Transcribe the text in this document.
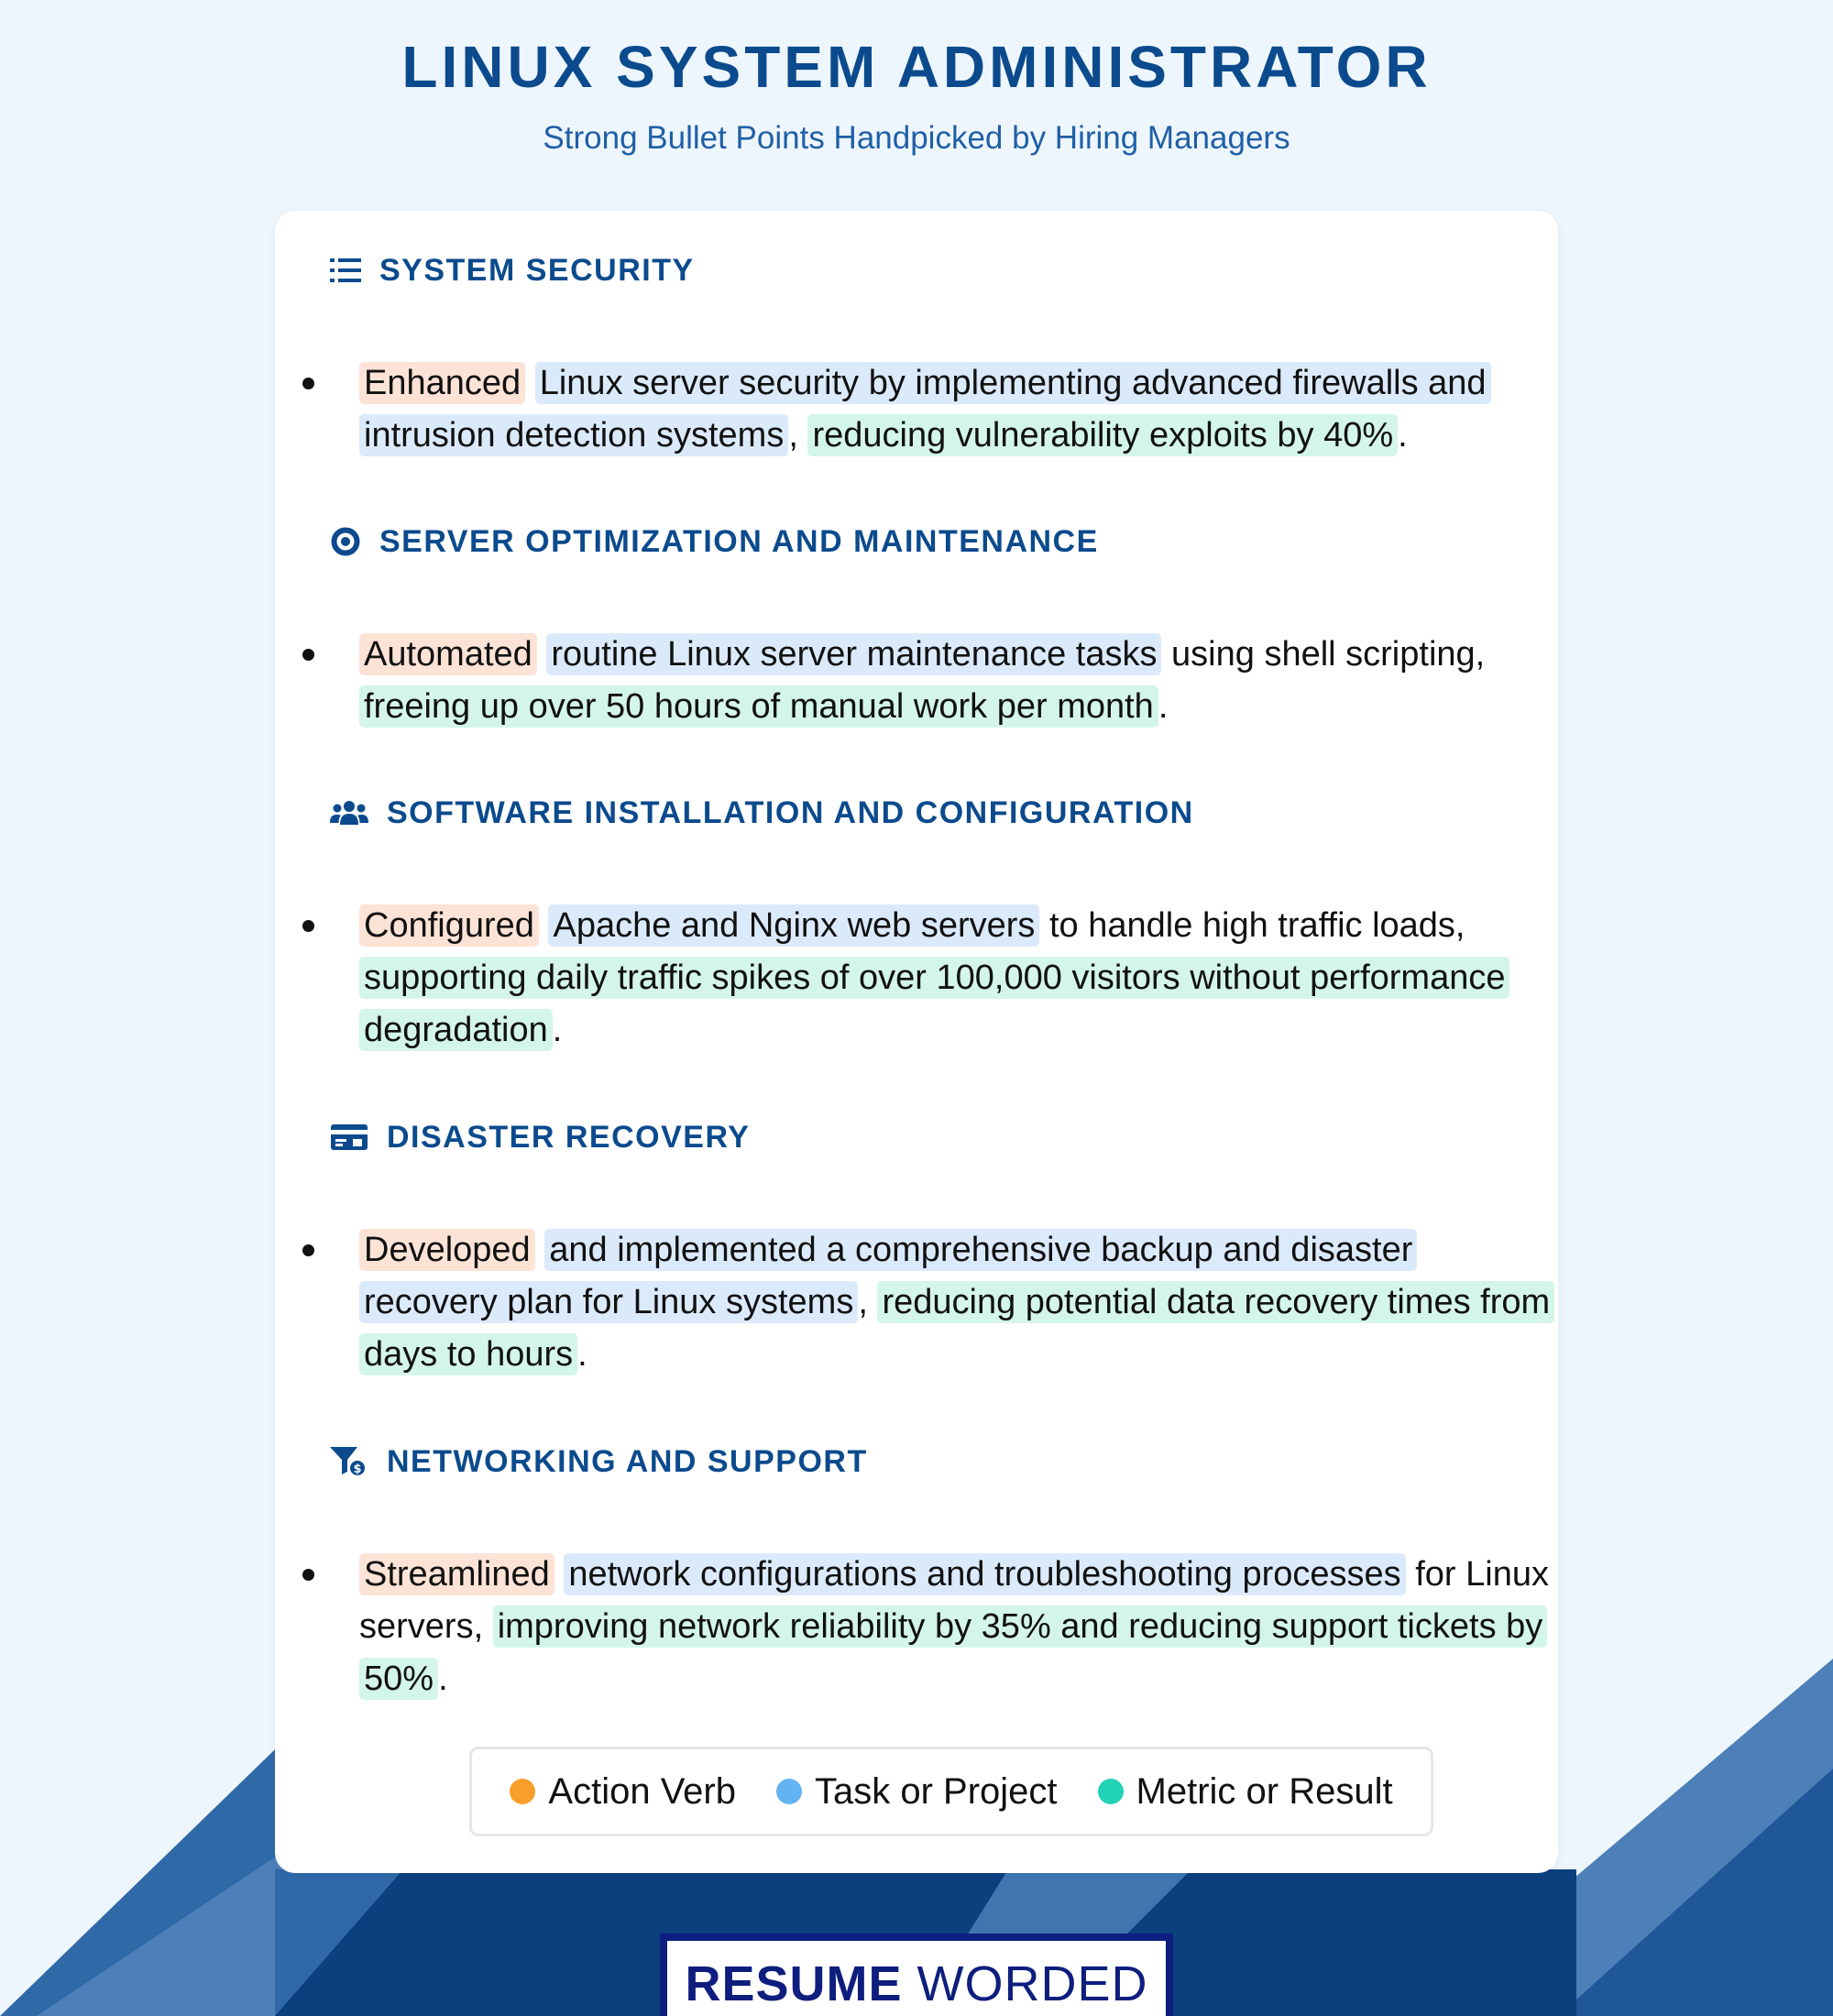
LINUX SYSTEM ADMINISTRATOR
Strong Bullet Points Handpicked by Hiring Managers
SYSTEM SECURITY
Enhanced Linux server security by implementing advanced firewalls and intrusion detection systems , reducing vulnerability exploits by 40% .
SERVER OPTIMIZATION AND MAINTENANCE
Automated routine Linux server maintenance tasks using shell scripting, freeing up over 50 hours of manual work per month .
SOFTWARE INSTALLATION AND CONFIGURATION
Configured Apache and Nginx web servers to handle high traffic loads, supporting daily traffic spikes of over 100,000 visitors without performance degradation .
DISASTER RECOVERY
Developed and implemented a comprehensive backup and disaster recovery plan for Linux systems , reducing potential data recovery times from days to hours .
$ NETWORKING AND SUPPORT
Streamlined network configurations and troubleshooting processes for Linux servers, improving network reliability by 35% and reducing support tickets by 50% .
Action Verb Task or Project Metric or Result
RESUME WORDED
